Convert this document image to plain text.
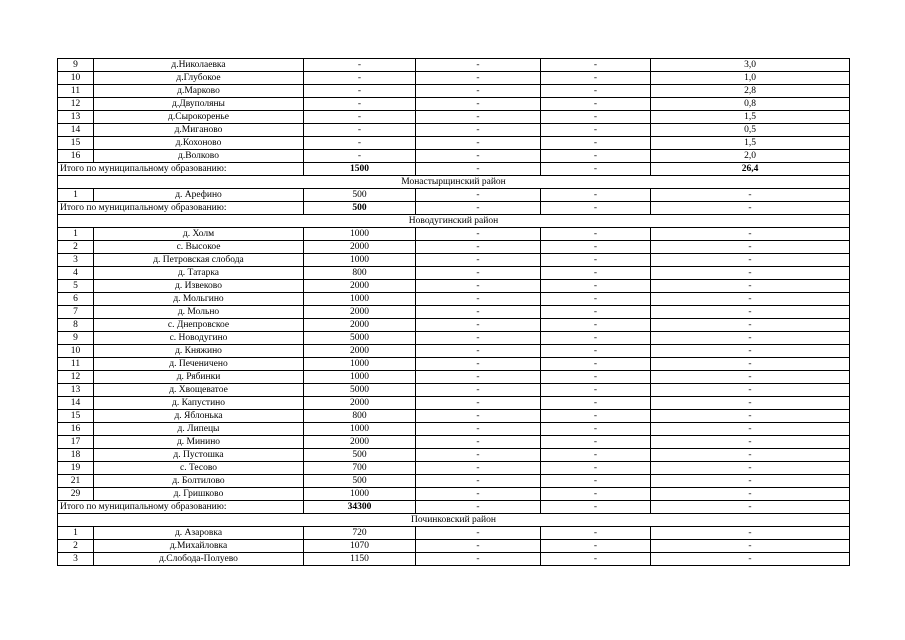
9	д.Николаевка	-	-	-	3,0
10	д.Глубокое	-	-	-	1,0
11	д.Марково	-	-	-	2,8
12	д.Двуполяны	-	-	-	0,8
13	д.Сырокоренье	-	-	-	1,5
14	д.Миганово	-	-	-	0,5
15	д.Кохоново	-	-	-	1,5
16	д.Волково	-	-	-	2,0
Итого по муниципальному образованию:		1500	-	-	26,4
Монастырщинский район					
1	д. Арефино	500	-	-	-
Итого по муниципальному образованию:		500	-	-	-
Новодугинский район					
1	д. Холм	1000	-	-	-
2	с. Высокое	2000	-	-	-
3	д. Петровская слобода	1000	-	-	-
4	д. Татарка	800	-	-	-
5	д. Извеково	2000	-	-	-
6	д. Мольгино	1000	-	-	-
7	д. Мольно	2000	-	-	-
8	с. Днепровское	2000	-	-	-
9	с. Новодугино	5000	-	-	-
10	д. Княжино	2000	-	-	-
11	д. Печеничено	1000	-	-	-
12	д. Рябинки	1000	-	-	-
13	д. Хвощеватое	5000	-	-	-
14	д. Капустино	2000	-	-	-
15	д. Яблонька	800	-	-	-
16	д. Липецы	1000	-	-	-
17	д. Минино	2000	-	-	-
18	д. Пустошка	500	-	-	-
19	с. Тесово	700	-	-	-
21	д. Болтилово	500	-	-	-
29	д. Гришково	1000	-	-	-
Итого по муниципальному образованию:		34300	-	-	-
Починковский район					
1	д. Азаровка	720	-	-	-
2	д.Михайловка	1070	-	-	-
3	д.Слобода-Полуево	1150	-	-	-
